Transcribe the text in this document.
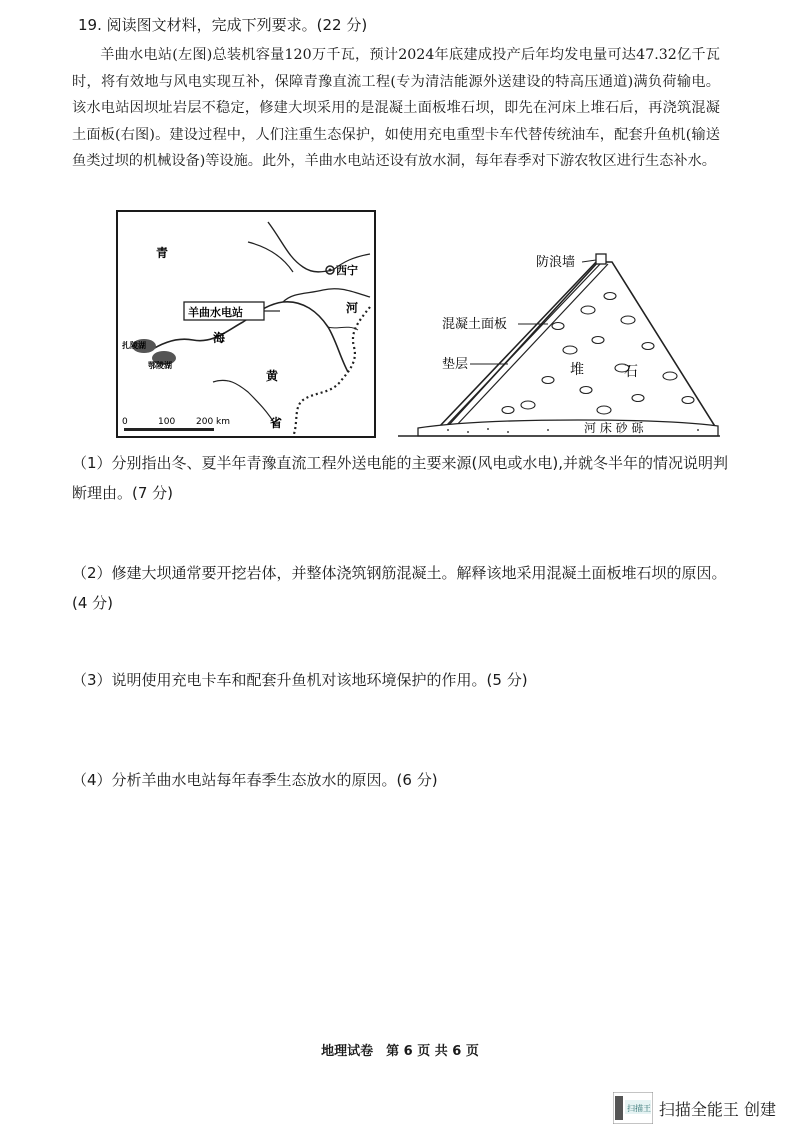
19. 阅读图文材料，完成下列要求。(22 分)
羊曲水电站(左图)总装机容量120万千瓦，预计2024年底建成投产后年均发电量可达47.32亿千瓦时，将有效地与风电实现互补，保障青豫直流工程(专为清洁能源外送建设的特高压通道)满负荷输电。该水电站因坝址岩层不稳定，修建大坝采用的是混凝土面板堆石坝，即先在河床上堆石后，再浇筑混凝土面板(右图)。建设过程中，人们注重生态保护，如使用充电重型卡车代替传统油车，配套升鱼机(输送鱼类过坝的机械设备)等设施。此外，羊曲水电站还设有放水洞，每年春季对下游农牧区进行生态补水。
青
海
黄
省
河
西宁
羊曲水电站
扎陵湖
鄂陵湖
0	100 200 km
防浪墙
混凝土面板
垫层	堆	石
河 床 砂 砾
（1）分别指出冬、夏半年青豫直流工程外送电能的主要来源(风电或水电),并就冬半年的情况说明判断理由。(7 分)
（2）修建大坝通常要开挖岩体，并整体浇筑钢筋混凝土。解释该地采用混凝土面板堆石坝的原因。(4 分)
（3）说明使用充电卡车和配套升鱼机对该地环境保护的作用。(5 分)
（4）分析羊曲水电站每年春季生态放水的原因。(6 分)
地理试卷　第 6 页 共 6 页
扫描王 扫描全能王 创建
